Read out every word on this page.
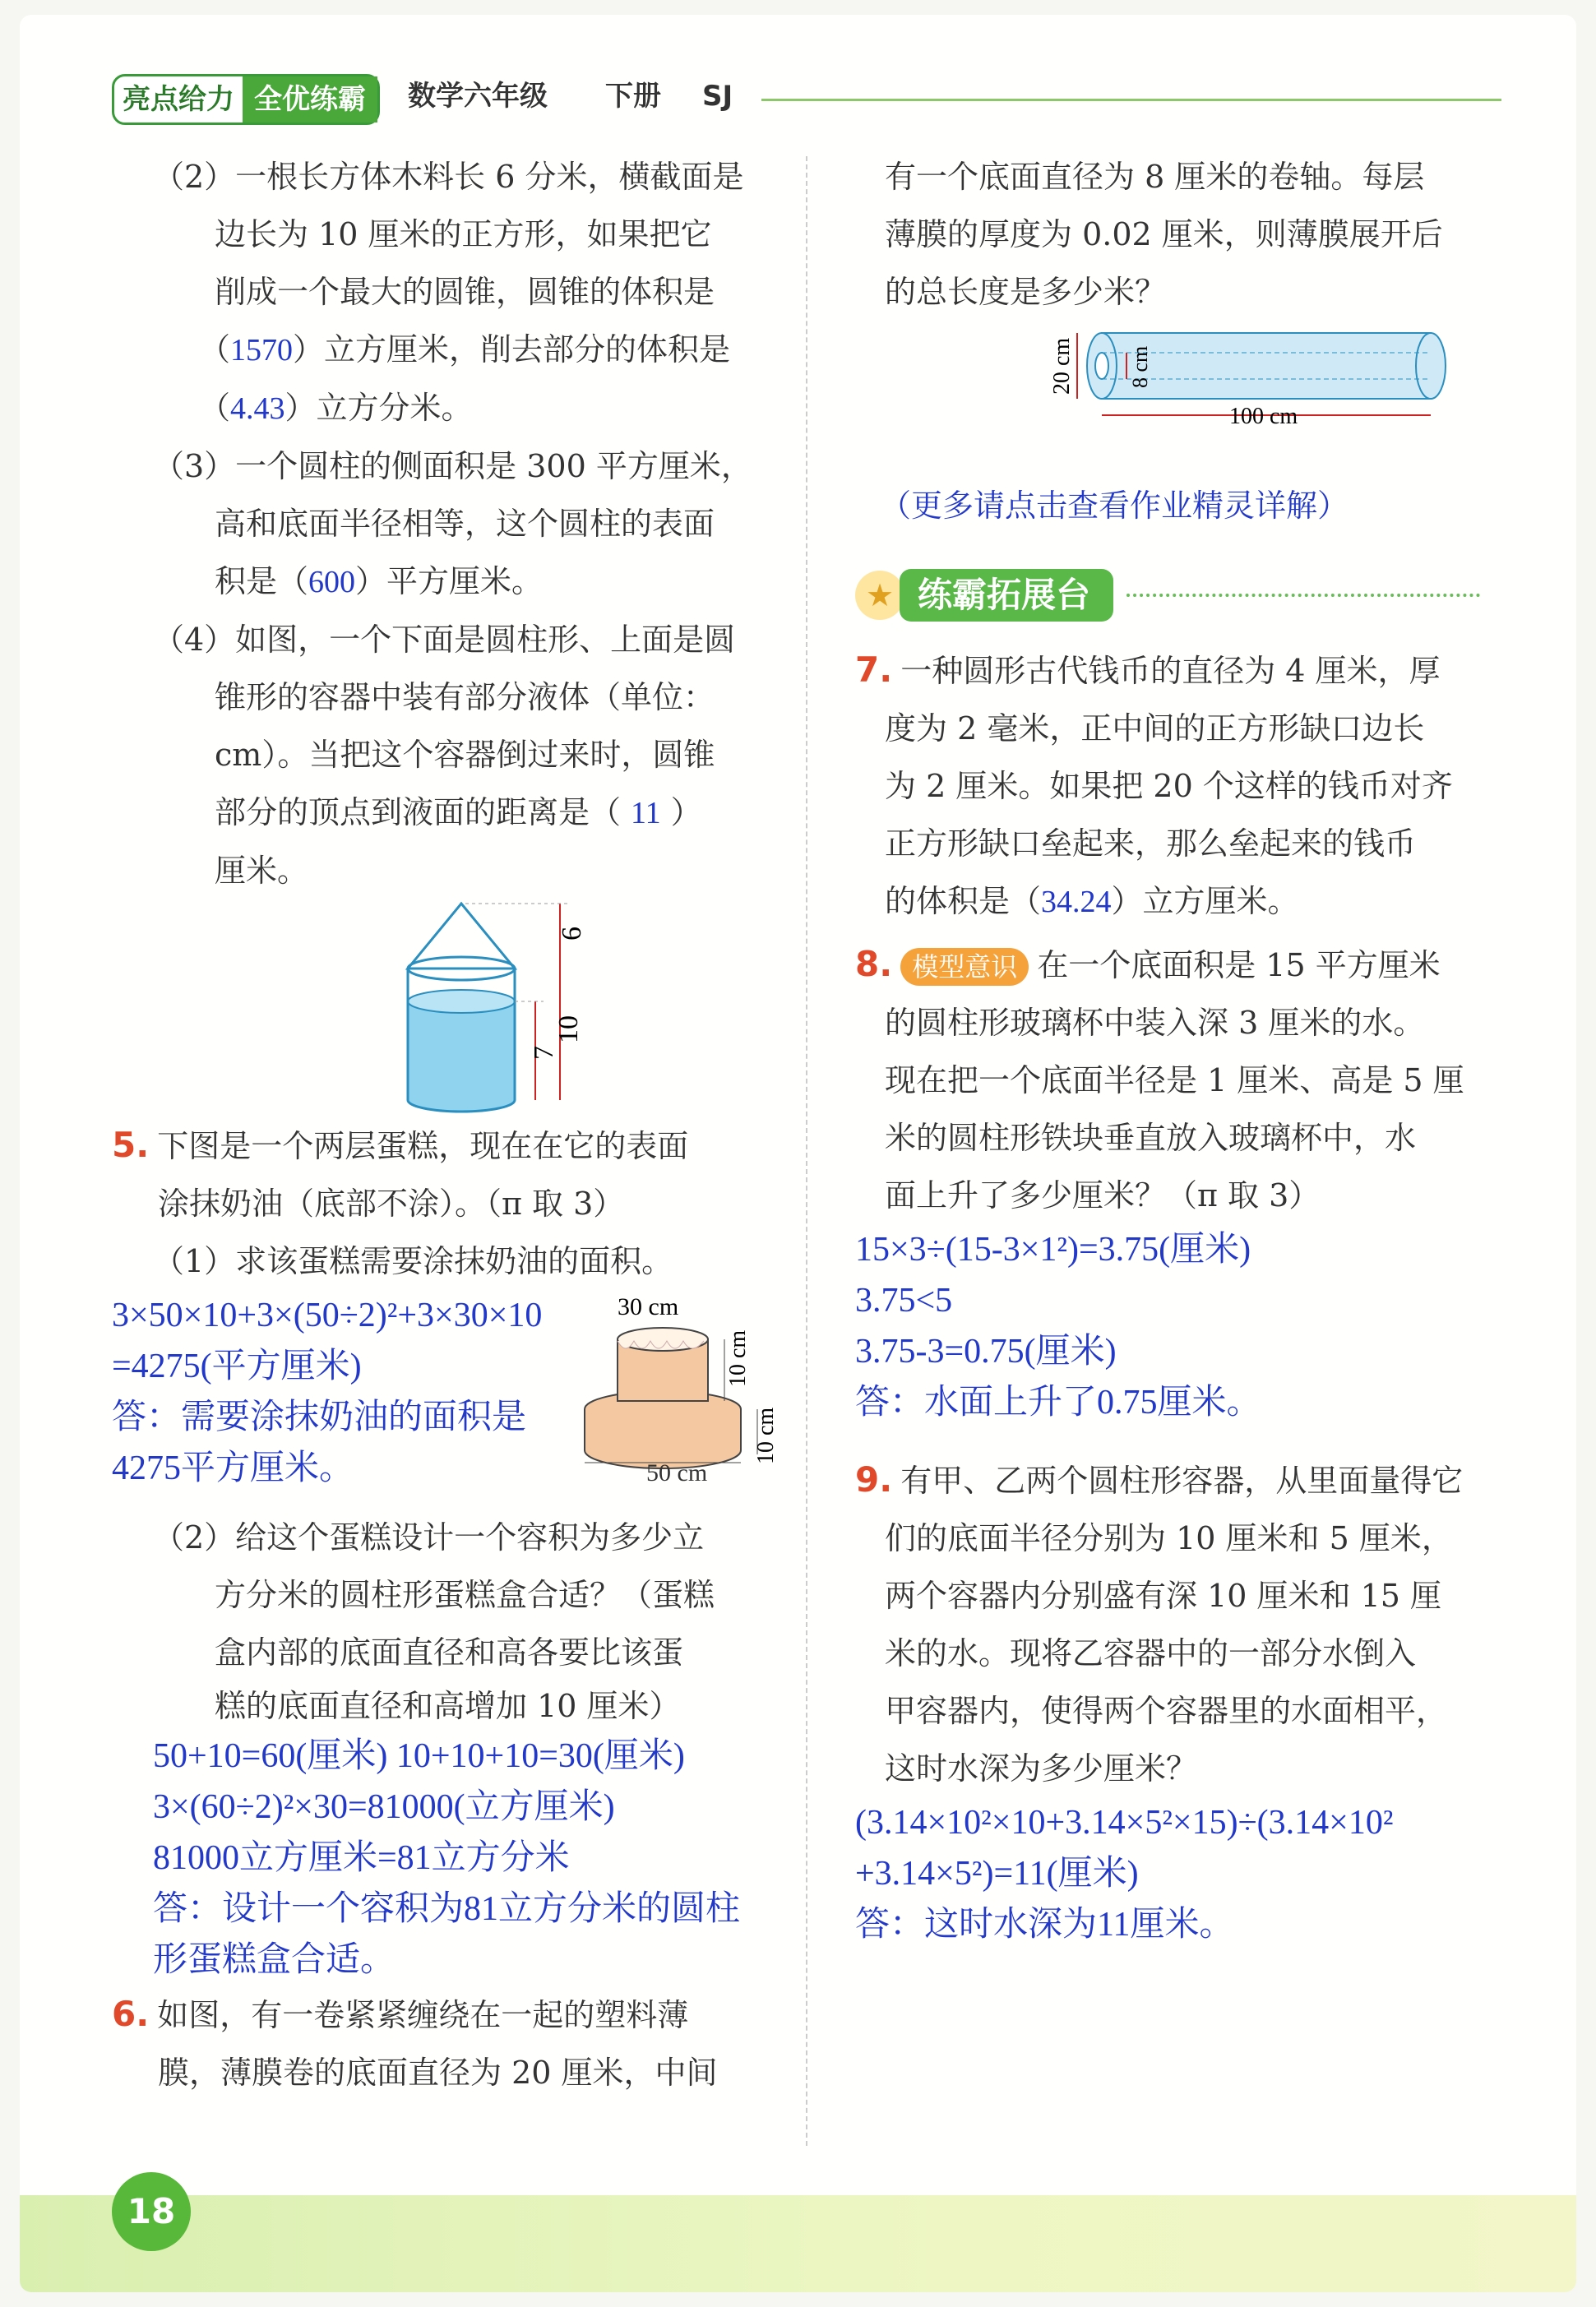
亮点给力 全优练霸	数学六年级 下册 SJ

（2）一根长方体木料长 6 分米，横截面是

边长为 10 厘米的正方形，如果把它

削成一个最大的圆锥，圆锥的体积是

（1570）立方厘米，削去部分的体积是

（4.43）立方分米。

（3）一个圆柱的侧面积是 300 平方厘米，

高和底面半径相等，这个圆柱的表面

积是（600）平方厘米。

（4）如图，一个下面是圆柱形、上面是圆

锥形的容器中装有部分液体（单位：

cm）。当把这个容器倒过来时，圆锥

部分的顶点到液面的距离是（ 11 ）

厘米。

6
10
7

5. 下图是一个两层蛋糕，现在在它的表面

涂抹奶油（底部不涂）。（π 取 3）

（1）求该蛋糕需要涂抹奶油的面积。

3×50×10+3×(50÷2)²+3×30×10

=4275(平方厘米)

答：需要涂抹奶油的面积是

4275平方厘米。

30 cm
10 cm
10 cm
50 cm

（2）给这个蛋糕设计一个容积为多少立

方分米的圆柱形蛋糕盒合适？（蛋糕

盒内部的底面直径和高各要比该蛋

糕的底面直径和高增加 10 厘米）

50+10=60(厘米) 10+10+10=30(厘米)

3×(60÷2)²×30=81000(立方厘米)

81000立方厘米=81立方分米

答：设计一个容积为81立方分米的圆柱

形蛋糕盒合适。

6. 如图，有一卷紧紧缠绕在一起的塑料薄

膜，薄膜卷的底面直径为 20 厘米，中间

有一个底面直径为 8 厘米的卷轴。每层

薄膜的厚度为 0.02 厘米，则薄膜展开后

的总长度是多少米？

20 cm	8 cm
100 cm

（更多请点击查看作业精灵详解）

★ 练霸拓展台

7. 一种圆形古代钱币的直径为 4 厘米，厚

度为 2 毫米，正中间的正方形缺口边长

为 2 厘米。如果把 20 个这样的钱币对齐

正方形缺口垒起来，那么垒起来的钱币

的体积是（34.24）立方厘米。

8. 模型意识 在一个底面积是 15 平方厘米

的圆柱形玻璃杯中装入深 3 厘米的水。

现在把一个底面半径是 1 厘米、高是 5 厘

米的圆柱形铁块垂直放入玻璃杯中，水

面上升了多少厘米？（π 取 3）

15×3÷(15-3×1²)=3.75(厘米)

3.75<5

3.75-3=0.75(厘米)

答：水面上升了0.75厘米。

9. 有甲、乙两个圆柱形容器，从里面量得它

们的底面半径分别为 10 厘米和 5 厘米，

两个容器内分别盛有深 10 厘米和 15 厘

米的水。现将乙容器中的一部分水倒入

甲容器内，使得两个容器里的水面相平，

这时水深为多少厘米？

(3.14×10²×10+3.14×5²×15)÷(3.14×10²

+3.14×5²)=11(厘米)

答：这时水深为11厘米。

18
